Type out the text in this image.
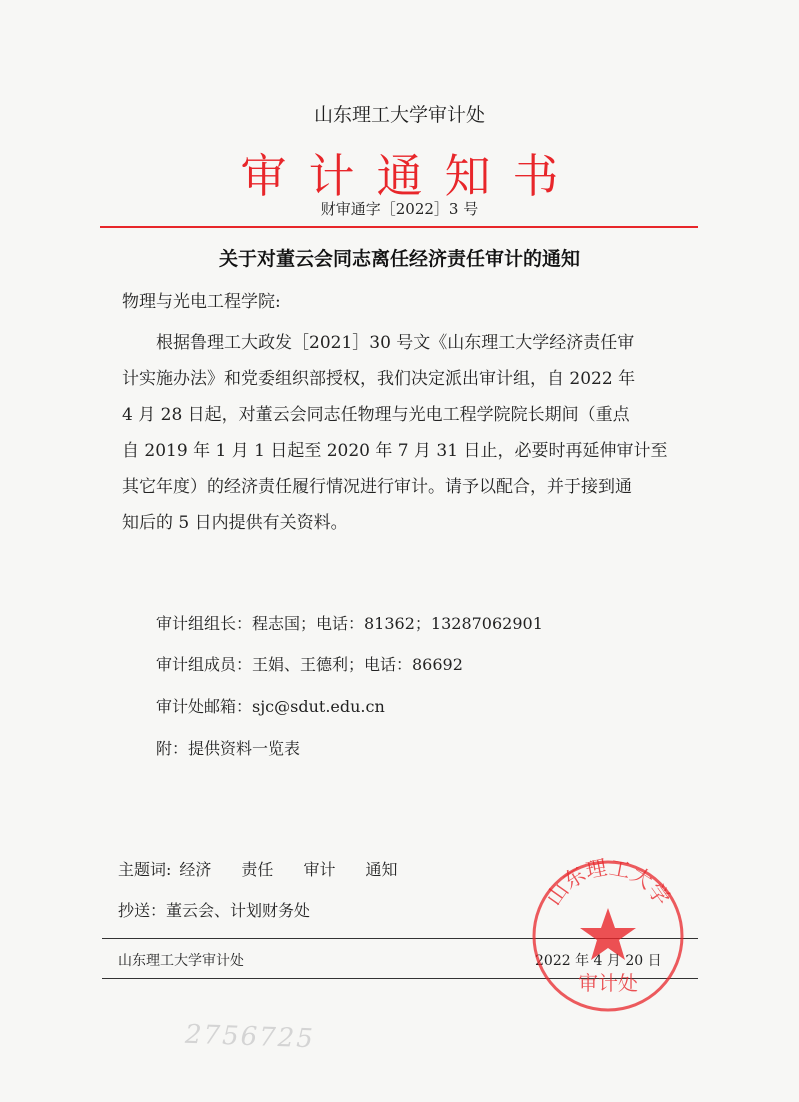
山东理工大学审计处
审计通知书
财审通字［2022］3 号
关于对董云会同志离任经济责任审计的通知
物理与光电工程学院:
根据鲁理工大政发［2021］30 号文《山东理工大学经济责任审
计实施办法》和党委组织部授权，我们决定派出审计组，自 2022 年
4 月 28 日起，对董云会同志任物理与光电工程学院院长期间（重点
自 2019 年 1 月 1 日起至 2020 年 7 月 31 日止，必要时再延伸审计至
其它年度）的经济责任履行情况进行审计。请予以配合，并于接到通
知后的 5 日内提供有关资料。
审计组组长：程志国；电话：81362；13287062901
审计组成员：王娟、王德利；电话：86692
审计处邮箱：sjc@sdut.edu.cn
附：提供资料一览表
主题词: 经济 责任 审计 通知
抄送：董云会、计划财务处
山东理工大学审计处	2022 年 4 月 20 日
山东理工大学
审计处
2756725
